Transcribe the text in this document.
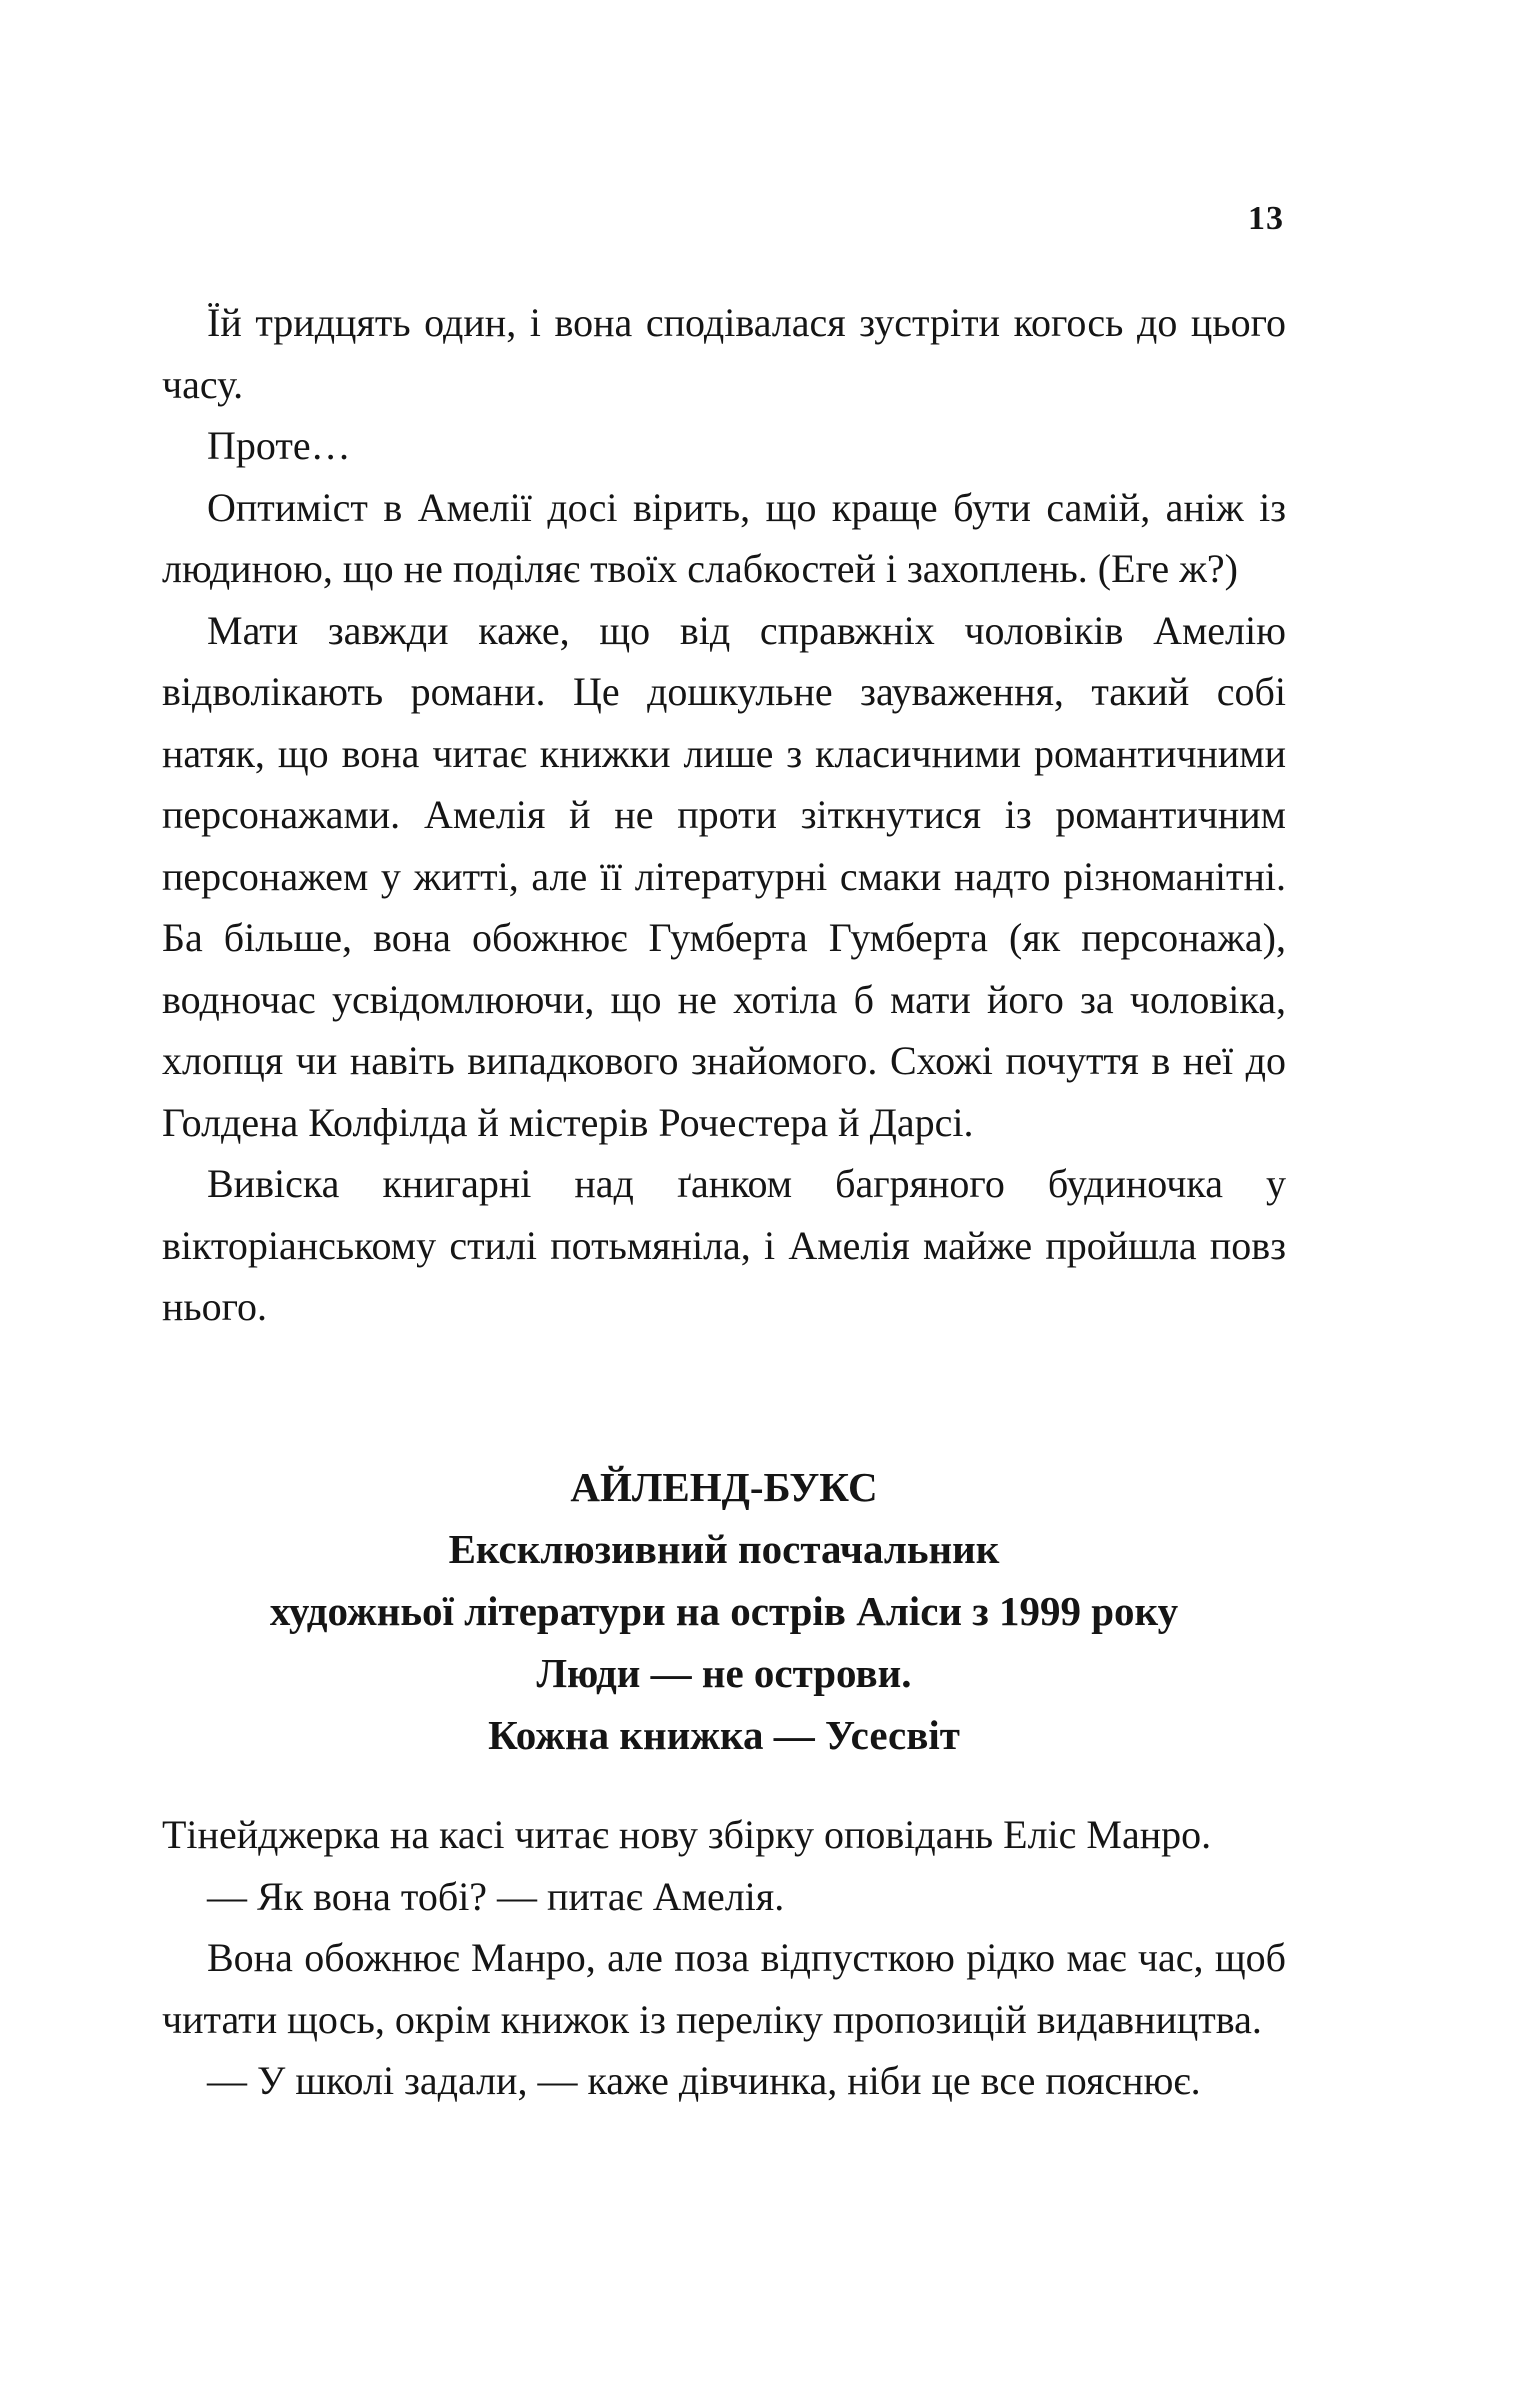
13

Їй тридцять один, і вона сподівалася зустріти когось до цього часу.

Проте…

Оптиміст в Амелії досі вірить, що краще бути самій, аніж із людиною, що не поділяє твоїх слабкостей і захоплень. (Еге ж?)

Мати завжди каже, що від справжніх чоловіків Амелію відволікають романи. Це дошкульне зауваження, такий собі натяк, що вона читає книжки лише з класичними романтичними персонажами. Амелія й не проти зіткнутися із романтичним персонажем у житті, але її літературні смаки надто різноманітні. Ба більше, вона обожнює Гумберта Гумберта (як персонажа), водночас усвідомлюючи, що не хотіла б мати його за чоловіка, хлопця чи навіть випадкового знайомого. Схожі почуття в неї до Голдена Колфілда й містерів Рочестера й Дарсі.

Вивіска книгарні над ґанком багряного будиночка у вікторіанському стилі потьмяніла, і Амелія майже пройшла повз нього.

АЙЛЕНД-БУКС
Ексклюзивний постачальник
художньої літератури на острів Аліси з 1999 року
Люди — не острови.
Кожна книжка — Усесвіт

Тінейджерка на касі читає нову збірку оповідань Еліс Манро.

— Як вона тобі? — питає Амелія.

Вона обожнює Манро, але поза відпусткою рідко має час, щоб читати щось, окрім книжок із переліку пропозицій видавництва.

— У школі задали, — каже дівчинка, ніби це все пояснює.
